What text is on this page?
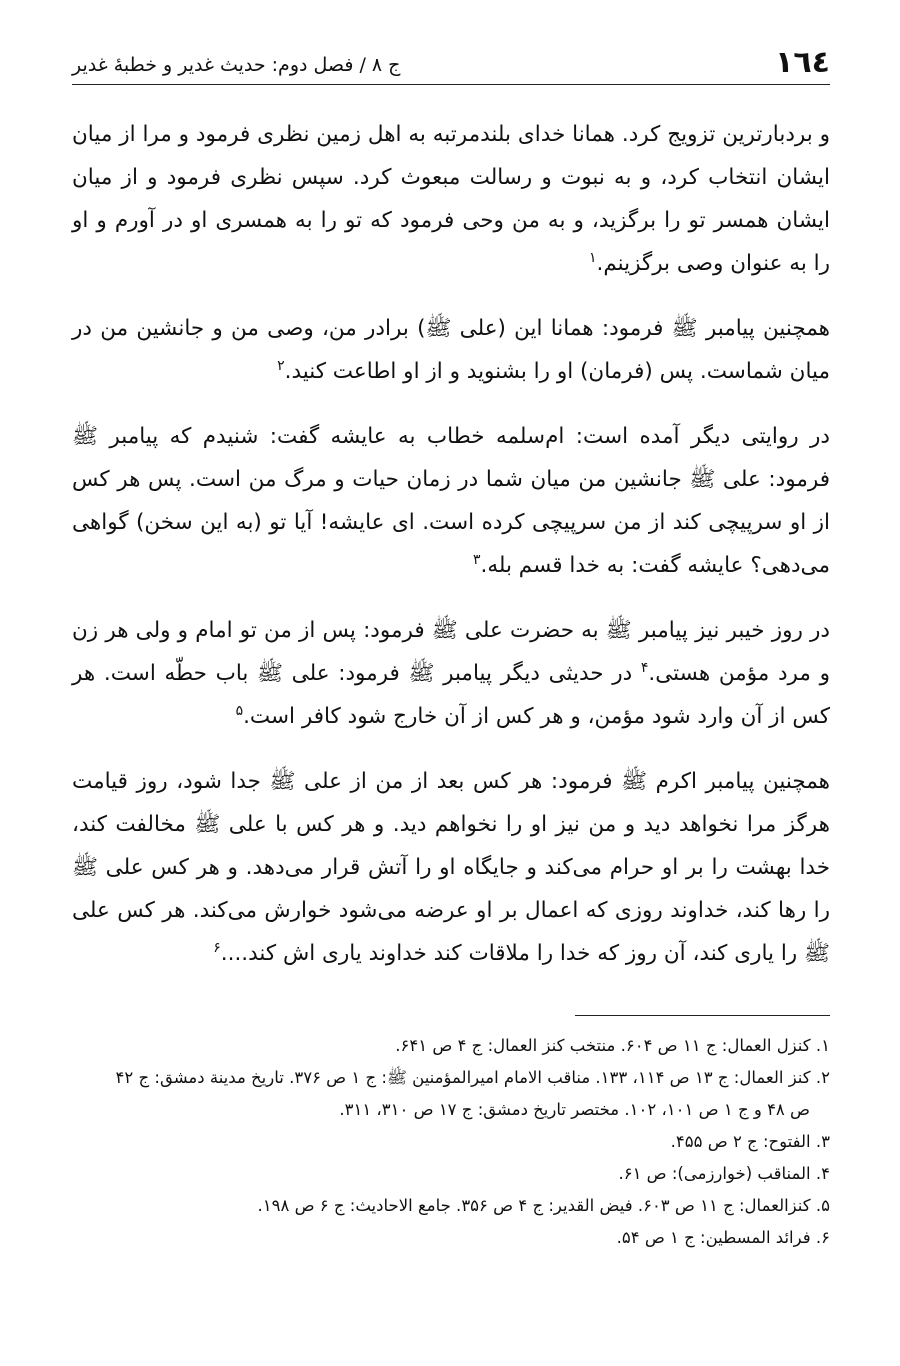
١٦٤
ج ۸ / فصل دوم: حدیث غدیر و خطبهٔ غدیر

و بردبارترین تزویج کرد. همانا خدای بلندمرتبه به اهل زمین نظری فرمود و مرا از میان ایشان انتخاب کرد، و به نبوت و رسالت مبعوث کرد. سپس نظری فرمود و از میان ایشان همسر تو را برگزید، و به من وحی فرمود که تو را به همسری او در آورم و او را به عنوان وصی برگزینم.$^۱$

همچنین پیامبر ﷺ فرمود: همانا این (علی ﷺ) برادر من، وصی من و جانشین من در میان شماست. پس (فرمان) او را بشنوید و از او اطاعت کنید.$^۲$

در روایتی دیگر آمده است: ام‌سلمه خطاب به عایشه گفت: شنیدم که پیامبر ﷺ فرمود: علی ﷺ جانشین من میان شما در زمان حیات و مرگ من است. پس هر کس از او سرپیچی کند از من سرپیچی کرده است. ای عایشه! آیا تو (به این سخن) گواهی می‌دهی؟ عایشه گفت: به خدا قسم بله.$^۳$

در روز خیبر نیز پیامبر ﷺ به حضرت علی ﷺ فرمود: پس از من تو امام و ولی هر زن و مرد مؤمن هستی.$^۴$ در حدیثی دیگر پیامبر ﷺ فرمود: علی ﷺ باب حطّه است. هر کس از آن وارد شود مؤمن، و هر کس از آن خارج شود کافر است.$^۵$

همچنین پیامبر اکرم ﷺ فرمود: هر کس بعد از من از علی ﷺ جدا شود، روز قیامت هرگز مرا نخواهد دید و من نیز او را نخواهم دید. و هر کس با علی ﷺ مخالفت کند، خدا بهشت را بر او حرام می‌کند و جایگاه او را آتش قرار می‌دهد. و هر کس علی ﷺ را رها کند، خداوند روزی که اعمال بر او عرضه می‌شود خوارش می‌کند. هر کس علی ﷺ را یاری کند، آن روز که خدا را ملاقات کند خداوند یاری اش کند....$^۶$

۱. کنزل العمال: ج ۱۱ ص ۶۰۴. منتخب کنز العمال: ج ۴ ص ۶۴۱.

۲. کنز العمال: ج ۱۳ ص ۱۱۴، ۱۳۳. مناقب الامام امیرالمؤمنین ﷺ: ج ۱ ص ۳۷۶. تاریخ مدینة دمشق: ج ۴۲
ص ۴۸ و ج ۱ ص ۱۰۱، ۱۰۲. مختصر تاریخ دمشق: ج ۱۷ ص ۳۱۰، ۳۱۱.

۳. الفتوح: ج ۲ ص ۴۵۵.

۴. المناقب (خوارزمی): ص ۶۱.

۵. کنزالعمال: ج ۱۱ ص ۶۰۳. فیض القدیر: ج ۴ ص ۳۵۶. جامع الاحادیث: ج ۶ ص ۱۹۸.

۶. فرائد المسطین: ج ۱ ص ۵۴.
